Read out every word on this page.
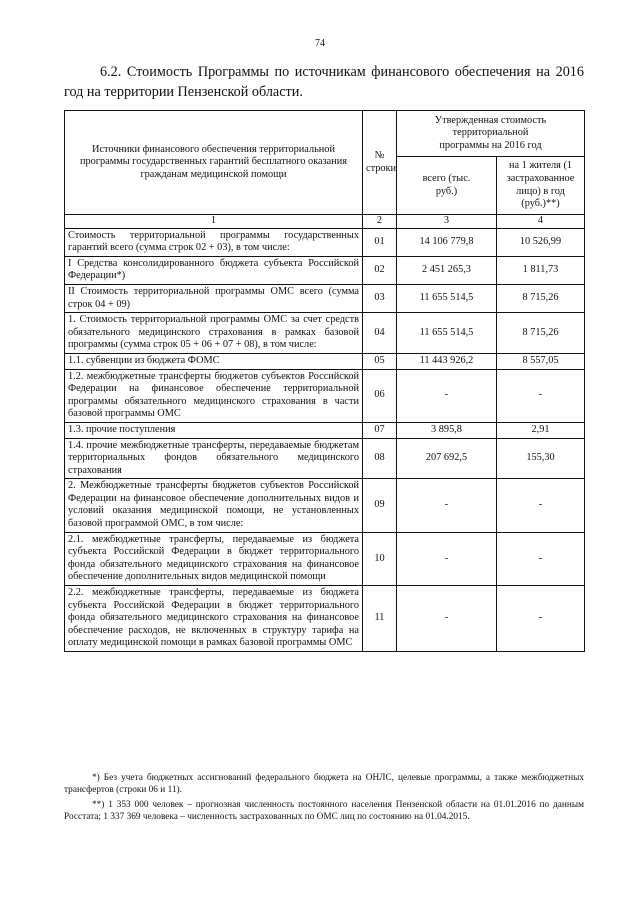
74
6.2. Стоимость Программы по источникам финансового обеспечения на 2016 год на территории Пензенской области.
Источники финансового обеспечения территориальной программы государственных гарантий бесплатного оказания гражданам медицинской помощи	№ строки	Утвержденная стоимость территориальной программы на 2016 год	
		всего (тыс. руб.)	на 1 жителя (1 застрахованное лицо) в год (руб.)**)
1	2	3	4
Стоимость территориальной программы государственных гарантий всего (сумма строк 02 + 03), в том числе:	01	14 106 779,8	10 526,99
I Средства консолидированного бюджета субъекта Российской Федерации*)	02	2 451 265,3	1 811,73
II Стоимость территориальной программы ОМС всего (сумма строк 04 + 09)	03	11 655 514,5	8 715,26
1. Стоимость территориальной программы ОМС за счет средств обязательного медицинского страхования в рамках базовой программы (сумма строк 05 + 06 + 07 + 08), в том числе:	04	11 655 514,5	8 715,26
1.1. субвенции из бюджета ФОМС	05	11 443 926,2	8 557,05
1.2. межбюджетные трансферты бюджетов субъектов Российской Федерации на финансовое обеспечение территориальной программы обязательного медицинского страхования в части базовой программы ОМС	06	-	-
1.3. прочие поступления	07	3 895,8	2,91
1.4. прочие межбюджетные трансферты, передаваемые бюджетам территориальных фондов обязательного медицинского страхования	08	207 692,5	155,30
2. Межбюджетные трансферты бюджетов субъектов Российской Федерации на финансовое обеспечение дополнительных видов и условий оказания медицинской помощи, не установленных базовой программой ОМС, в том числе:	09	-	-
2.1. межбюджетные трансферты, передаваемые из бюджета субъекта Российской Федерации в бюджет территориального фонда обязательного медицинского страхования на финансовое обеспечение дополнительных видов медицинской помощи	10	-	-
2.2. межбюджетные трансферты, передаваемые из бюджета субъекта Российской Федерации в бюджет территориального фонда обязательного медицинского страхования на финансовое обеспечение расходов, не включенных в структуру тарифа на оплату медицинской помощи в рамках базовой программы ОМС	11	-	-
*) Без учета бюджетных ассигнований федерального бюджета на ОНЛС, целевые программы, а также межбюджетных трансфертов (строки 06 и 11).
**) 1 353 000 человек – прогнозная численность постоянного населения Пензенской области на 01.01.2016 по данным Росстата; 1 337 369 человека – численность застрахованных по ОМС лиц по состоянию на 01.04.2015.
